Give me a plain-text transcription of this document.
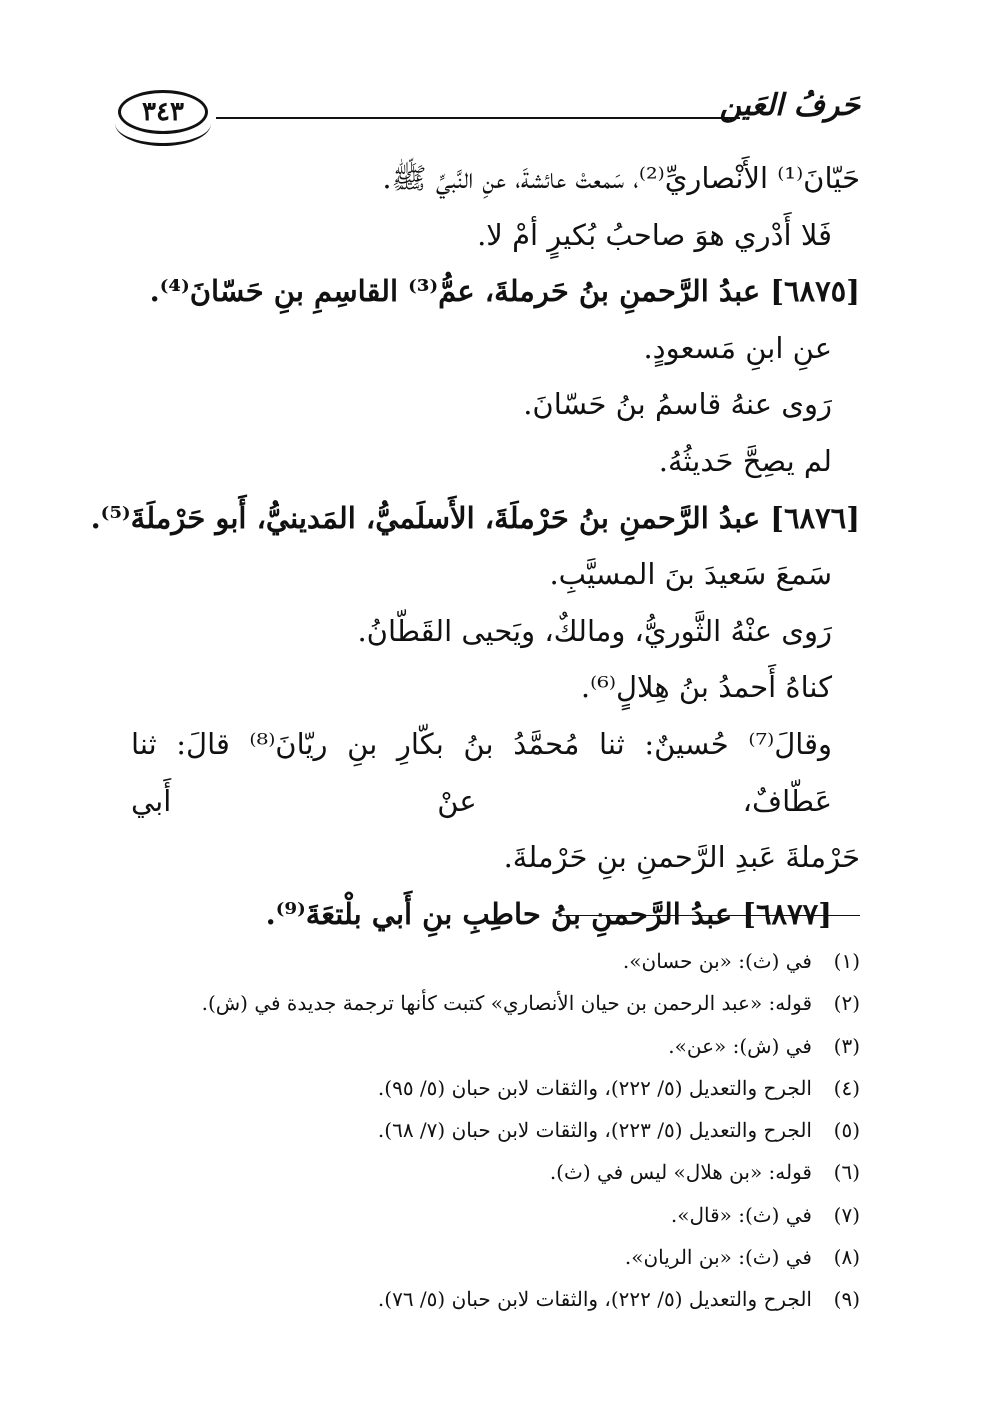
حَرفُ العَين
٣٤٣
حَيّانَ⁽¹⁾ الأَنْصاريِّ⁽²⁾، سَمعتْ عائشةَ، عنِ النَّبيِّ ﷺ.
فَلا أَدْري هوَ صاحبُ بُكيرٍ أمْ لا.
[٦٨٧٥] عبدُ الرَّحمنِ بنُ حَرملةَ، عمُّ⁽³⁾ القاسِمِ بنِ حَسّانَ⁽⁴⁾.
عنِ ابنِ مَسعودٍ.
رَوى عنهُ قاسمُ بنُ حَسّانَ.
لم يصِحَّ حَديثُهُ.
[٦٨٧٦] عبدُ الرَّحمنِ بنُ حَرْملَةَ، الأَسلَميُّ، المَدينيُّ، أَبو حَرْملَةَ⁽⁵⁾.
سَمعَ سَعيدَ بنَ المسيَّبِ.
رَوى عنْهُ الثَّوريُّ، ومالكٌ، ويَحيى القَطّانُ.
كناهُ أَحمدُ بنُ هِلالٍ⁽⁶⁾.
وقالَ⁽⁷⁾ حُسينٌ: ثنا مُحمَّدُ بنُ بكّارِ بنِ ريّانَ⁽⁸⁾ قالَ: ثنا عَطّافٌ، عنْ أَبي
حَرْملةَ عَبدِ الرَّحمنِ بنِ حَرْملةَ.
[٦٨٧٧] عبدُ الرَّحمنِ بنُ حاطِبِ بنِ أَبي بلْتعَةَ⁽⁹⁾.
(١)
في (ث): «بن حسان».
(٢)
قوله: «عبد الرحمن بن حيان الأنصاري» كتبت كأنها ترجمة جديدة في (ش).
(٣)
في (ش): «عن».
(٤)
الجرح والتعديل (٥/ ٢٢٢)، والثقات لابن حبان (٥/ ٩٥).
(٥)
الجرح والتعديل (٥/ ٢٢٣)، والثقات لابن حبان (٧/ ٦٨).
(٦)
قوله: «بن هلال» ليس في (ث).
(٧)
في (ث): «قال».
(٨)
في (ث): «بن الريان».
(٩)
الجرح والتعديل (٥/ ٢٢٢)، والثقات لابن حبان (٥/ ٧٦).
